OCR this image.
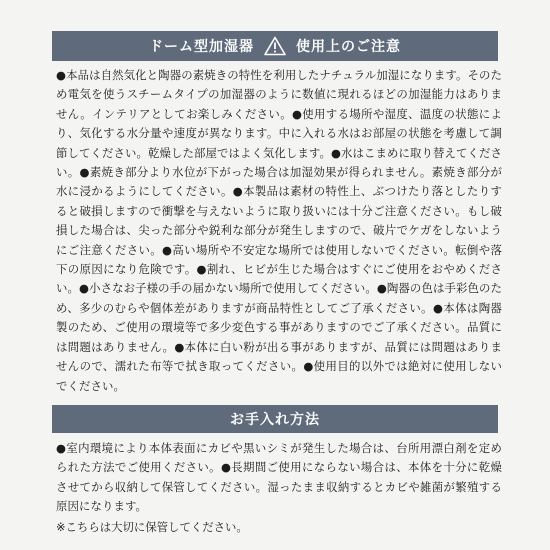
ドーム型加湿器	使用上のご注意

●本品は自然気化と陶器の素焼きの特性を利用したナチュラル加湿になります。そのため電気を使うスチームタイプの加湿器のように数値に現れるほどの加湿能力はありません。インテリアとしてお楽しみください。●使用する場所や湿度、温度の状態により、気化する水分量や速度が異なります。中に入れる水はお部屋の状態を考慮して調節してください。乾燥した部屋ではよく気化します。●水はこまめに取り替えてください。●素焼き部分より水位が下がった場合は加湿効果が得られません。素焼き部分が水に浸かるようにしてください。●本製品は素材の特性上、ぶつけたり落としたりすると破損しますので衝撃を与えないように取り扱いには十分ご注意ください。もし破損した場合は、尖った部分や鋭利な部分が発生しますので、破片でケガをしないようにご注意ください。●高い場所や不安定な場所では使用しないでください。転倒や落下の原因になり危険です。●割れ、ヒビが生じた場合はすぐにご使用をおやめください。●小さなお子様の手の届かない場所で使用してください。●陶器の色は手彩色のため、多少のむらや個体差がありますが商品特性としてご了承ください。●本体は陶器製のため、ご使用の環境等で多少変色する事がありますのでご了承ください。品質には問題はありません。●本体に白い粉が出る事がありますが、品質には問題はありませんので、濡れた布等で拭き取ってください。●使用目的以外では絶対に使用しないでください。

お手入れ方法

●室内環境により本体表面にカビや黒いシミが発生した場合は、台所用漂白剤を定められた方法でご使用ください。●長期間ご使用にならない場合は、本体を十分に乾燥させてから収納して保管してください。湿ったまま収納するとカビや雑菌が繁殖する原因になります。

※こちらは大切に保管してください。
